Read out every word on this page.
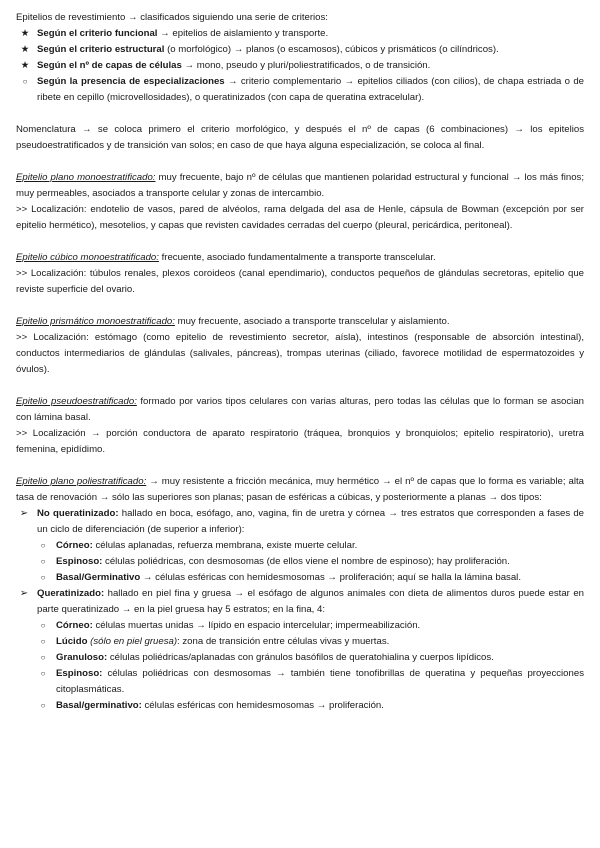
Epitelios de revestimiento → clasificados siguiendo una serie de criterios:

★ Según el criterio funcional → epitelios de aislamiento y transporte.
★ Según el criterio estructural (o morfológico) → planos (o escamosos), cúbicos y prismáticos (o cilíndricos).
★ Según el nº de capas de células → mono, pseudo y pluri/poliestratificados, o de transición.
○ Según la presencia de especializaciones → criterio complementario → epitelios ciliados (con cilios), de chapa estriada o de ribete en cepillo (microvellosidades), o queratinizados (con capa de queratina extracelular).

Nomenclatura → se coloca primero el criterio morfológico, y después el nº de capas (6 combinaciones) → los epitelios pseudoestratificados y de transición van solos; en caso de que haya alguna especialización, se coloca al final.

Epitelio plano monoestratificado: muy frecuente, bajo nº de células que mantienen polaridad estructural y funcional → los más finos; muy permeables, asociados a transporte celular y zonas de intercambio.

>> Localización: endotelio de vasos, pared de alvéolos, rama delgada del asa de Henle, cápsula de Bowman (excepción por ser epitelio hermético), mesotelios, y capas que revisten cavidades cerradas del cuerpo (pleural, pericárdica, peritoneal).

Epitelio cúbico monoestratificado: frecuente, asociado fundamentalmente a transporte transcelular.

>> Localización: túbulos renales, plexos coroideos (canal ependimario), conductos pequeños de glándulas secretoras, epitelio que reviste superficie del ovario.

Epitelio prismático monoestratificado: muy frecuente, asociado a transporte transcelular y aislamiento.

>> Localización: estómago (como epitelio de revestimiento secretor, aísla), intestinos (responsable de absorción intestinal), conductos intermediarios de glándulas (salivales, páncreas), trompas uterinas (ciliado, favorece motilidad de espermatozoides y óvulos).

Epitelio pseudoestratificado: formado por varios tipos celulares con varias alturas, pero todas las células que lo forman se asocian con lámina basal.

>> Localización → porción conductora de aparato respiratorio (tráquea, bronquios y bronquiolos; epitelio respiratorio), uretra femenina, epidídimo.

Epitelio plano poliestratificado: → muy resistente a fricción mecánica, muy hermético → el nº de capas que lo forma es variable; alta tasa de renovación → sólo las superiores son planas; pasan de esféricas a cúbicas, y posteriormente a planas → dos tipos:

➢ No queratinizado: hallado en boca, esófago, ano, vagina, fin de uretra y córnea → tres estratos que corresponden a fases de un ciclo de diferenciación (de superior a inferior):
○	Córneo: células aplanadas, refuerza membrana, existe muerte celular.
○	Espinoso: células poliédricas, con desmosomas (de ellos viene el nombre de espinoso); hay proliferación.
○	Basal/Germinativo → células esféricas con hemidesmosomas → proliferación; aquí se halla la lámina basal.
➢ Queratinizado: hallado en piel fina y gruesa → el esófago de algunos animales con dieta de alimentos duros puede estar en parte queratinizado → en la piel gruesa hay 5 estratos; en la fina, 4:
○	Córneo: células muertas unidas → lípido en espacio intercelular; impermeabilización.
○	Lúcido (sólo en piel gruesa): zona de transición entre células vivas y muertas.
○	Granuloso: células poliédricas/aplanadas con gránulos basófilos de queratohialina y cuerpos lipídicos.
○	Espinoso: células poliédricas con desmosomas → también tiene tonofibrillas de queratina y pequeñas proyecciones citoplasmáticas.
○	Basal/germinativo: células esféricas con hemidesmosomas → proliferación.
